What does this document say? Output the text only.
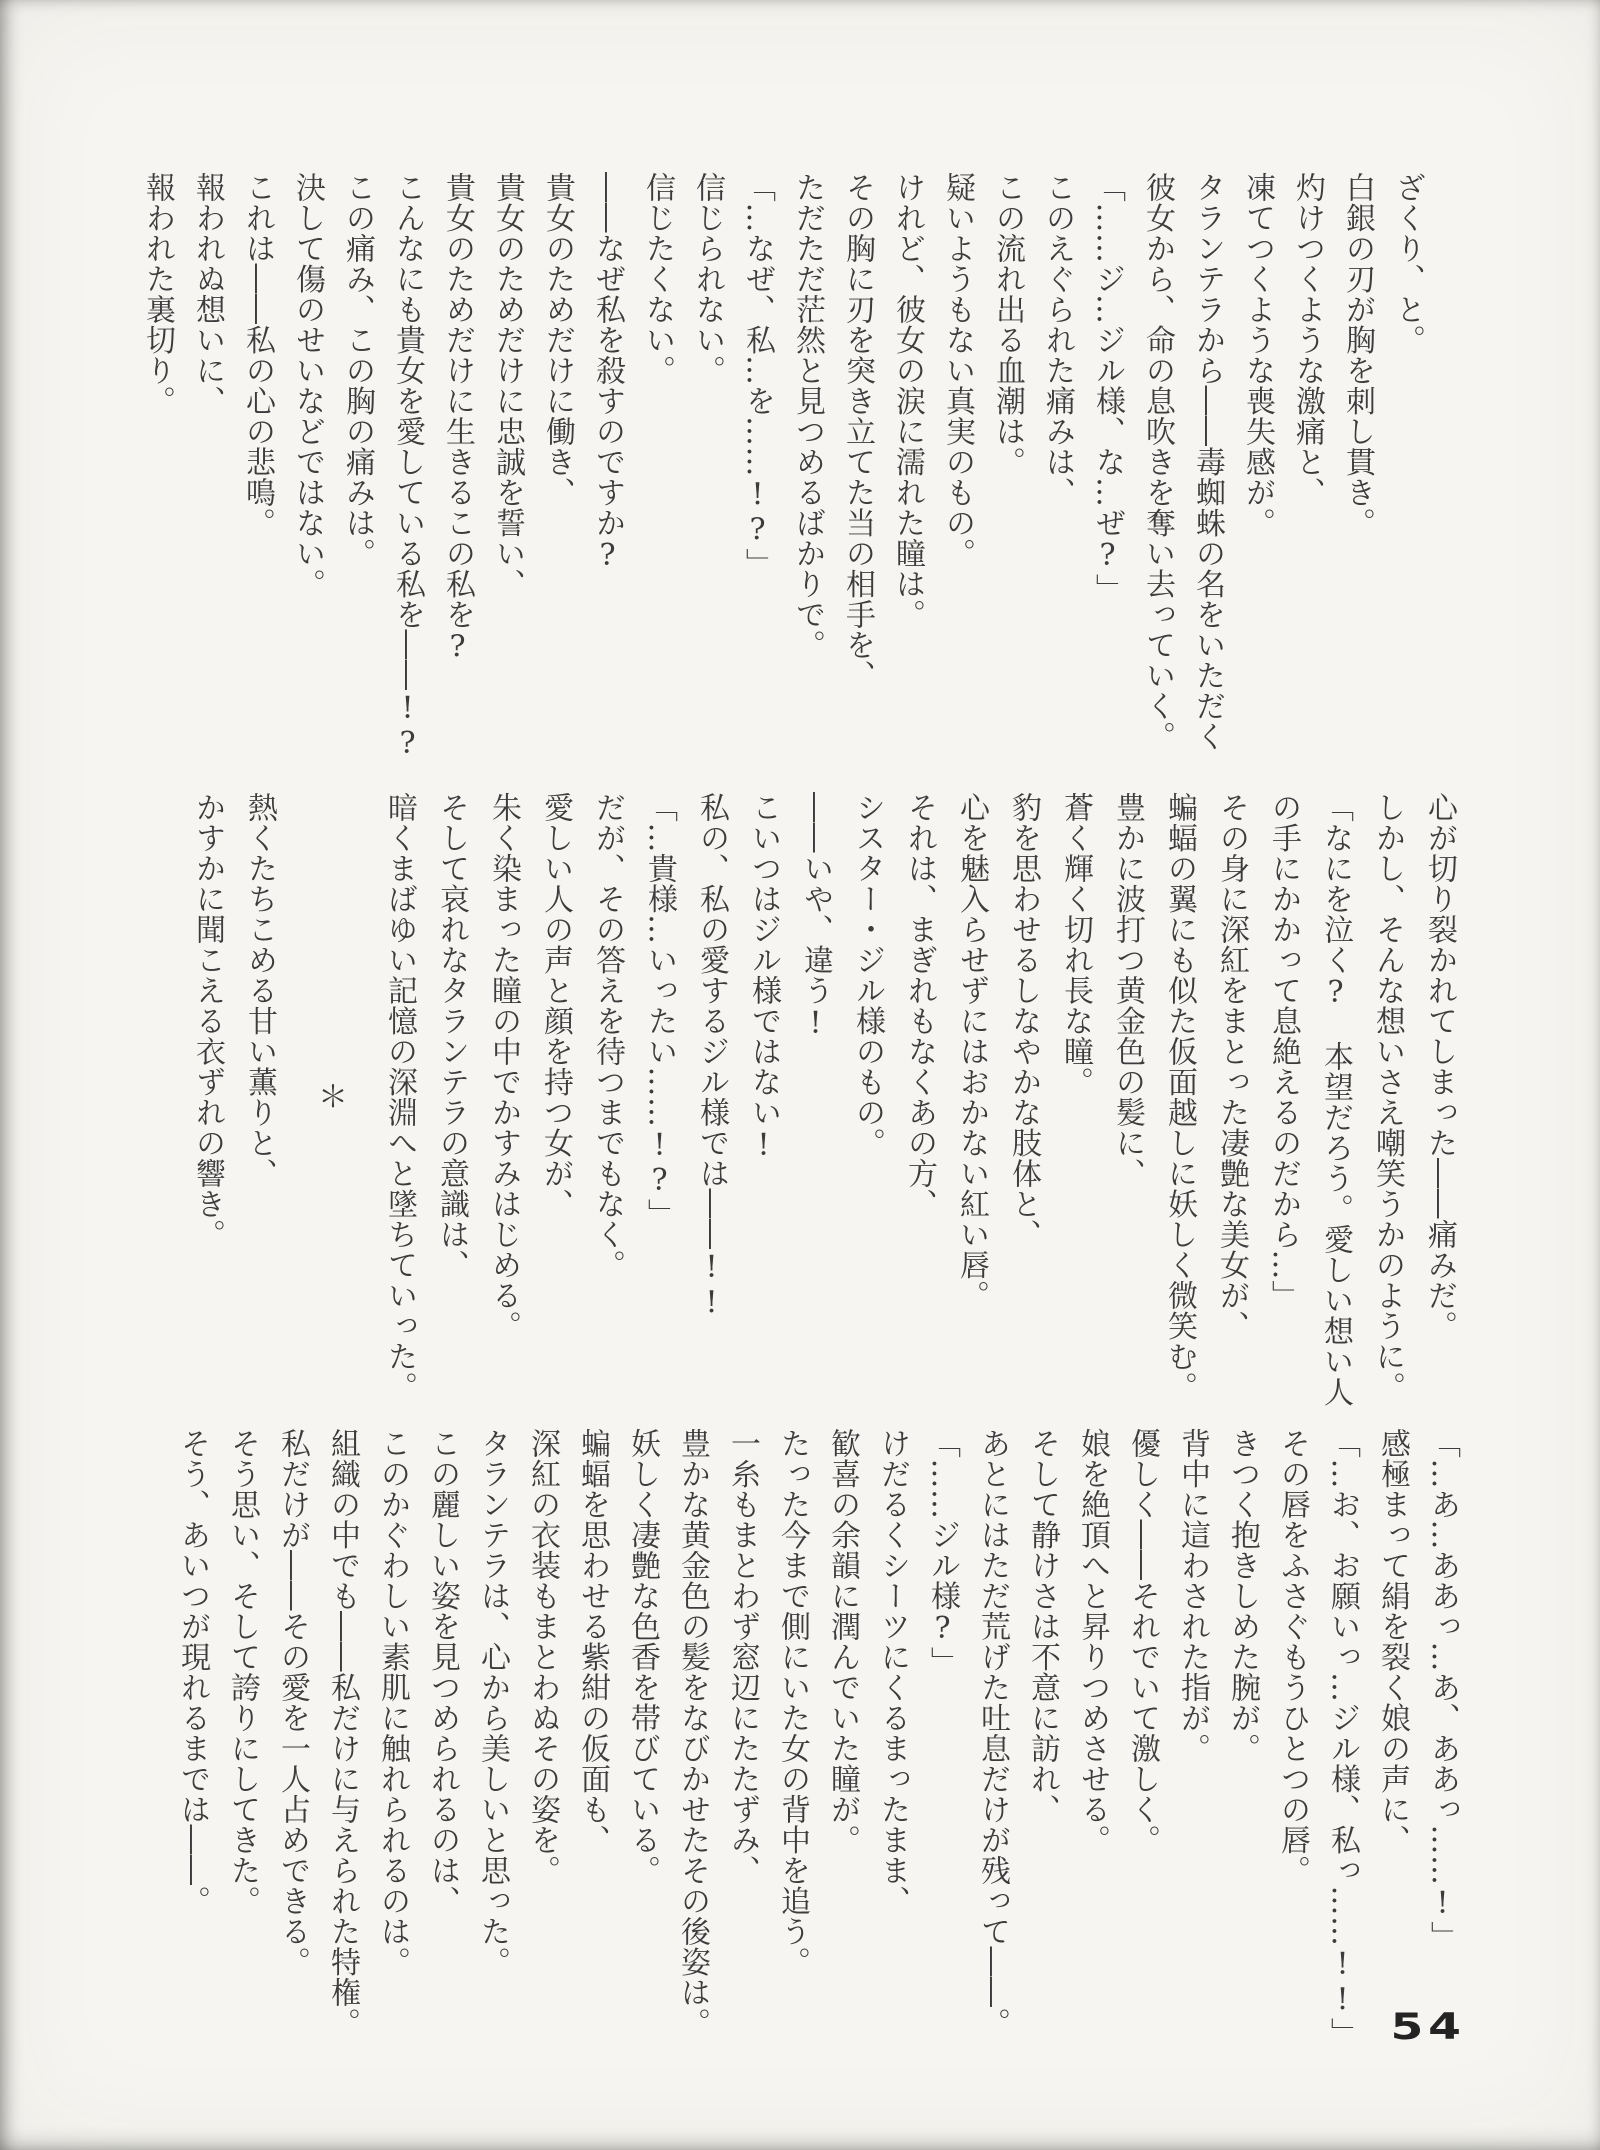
ざくり、と。

白銀の刃が胸を刺し貫き。

灼けつくような激痛と、

凍てつくような喪失感が。

タランテラから――毒蜘蛛の名をいただく

彼女から、命の息吹きを奪い去っていく。

「……ジ…ジル様、な…ぜ?」

このえぐられた痛みは、

この流れ出る血潮は。

疑いようもない真実のもの。

けれど、彼女の涙に濡れた瞳は。

その胸に刃を突き立てた当の相手を、

ただただ茫然と見つめるばかりで。

「…なぜ、私…を……!?」

信じられない。

信じたくない。

――なぜ私を殺すのですか?

貴女のためだけに働き、

貴女のためだけに忠誠を誓い、

貴女のためだけに生きるこの私を?

こんなにも貴女を愛している私を――!?

この痛み、この胸の痛みは。

決して傷のせいなどではない。

これは――私の心の悲鳴。

報われぬ想いに、

報われた裏切り。

心が切り裂かれてしまった――痛みだ。

しかし、そんな想いさえ嘲笑うかのように。

「なにを泣く?　本望だろう。愛しい想い人

の手にかかって息絶えるのだから…」

その身に深紅をまとった凄艶な美女が、

蝙蝠の翼にも似た仮面越しに妖しく微笑む。

豊かに波打つ黄金色の髪に、

蒼く輝く切れ長な瞳。

豹を思わせるしなやかな肢体と、

心を魅入らせずにはおかない紅い唇。

それは、まぎれもなくあの方、

シスター・ジル様のもの。

――いや、違う!

こいつはジル様ではない!

私の、私の愛するジル様では――!!

「…貴様…いったい……!?」

だが、その答えを待つまでもなく。

愛しい人の声と顔を持つ女が、

朱く染まった瞳の中でかすみはじめる。

そして哀れなタランテラの意識は、

暗くまばゆい記憶の深淵へと墜ちていった。

＊

熱くたちこめる甘い薫りと、

かすかに聞こえる衣ずれの響き。

「…あ…ああっ…あ、ああっ……!」

感極まって絹を裂く娘の声に、

「…お、お願いっ…ジル様、私っ……!!」

その唇をふさぐもうひとつの唇。

きつく抱きしめた腕が。

背中に這わされた指が。

優しく――それでいて激しく。

娘を絶頂へと昇りつめさせる。

そして静けさは不意に訪れ、

あとにはただ荒げた吐息だけが残って――。

「……ジル様?」

けだるくシーツにくるまったまま、

歓喜の余韻に潤んでいた瞳が。

たった今まで側にいた女の背中を追う。

一糸もまとわず窓辺にたたずみ、

豊かな黄金色の髪をなびかせたその後姿は。

妖しく凄艶な色香を帯びている。

蝙蝠を思わせる紫紺の仮面も、

深紅の衣装もまとわぬその姿を。

タランテラは、心から美しいと思った。

この麗しい姿を見つめられるのは、

このかぐわしい素肌に触れられるのは。

組織の中でも――私だけに与えられた特権。

私だけが――その愛を一人占めできる。

そう思い、そして誇りにしてきた。

そう、あいつが現れるまでは――。

54
